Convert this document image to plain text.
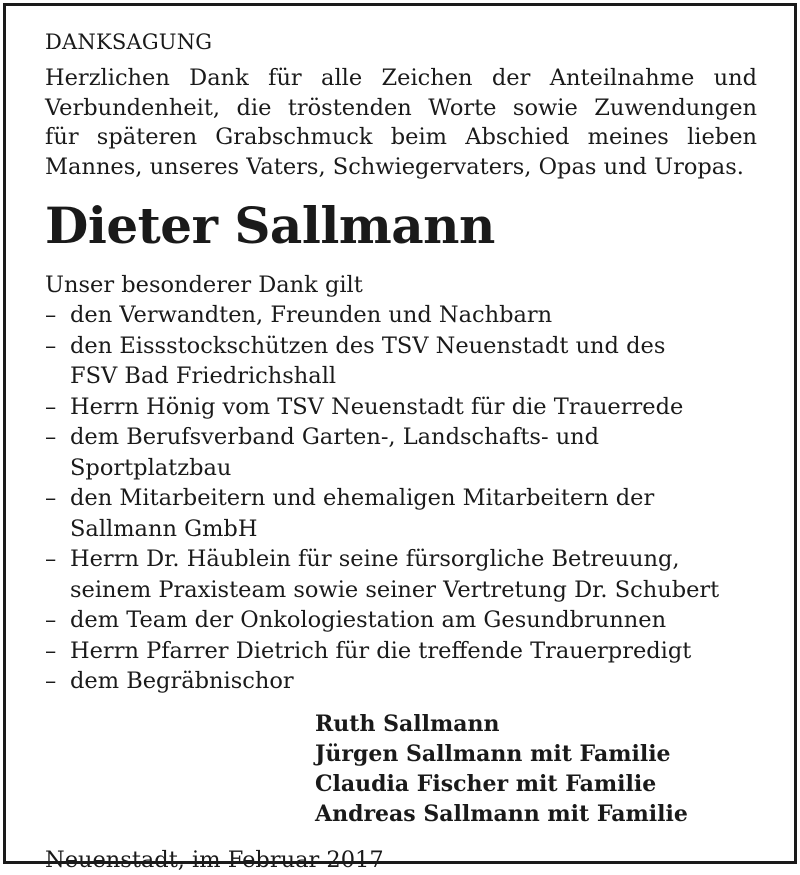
DANKSAGUNG

Herzlichen Dank für alle Zeichen der Anteilnahme und
Verbundenheit, die tröstenden Worte sowie Zuwendungen
für späteren Grabschmuck beim Abschied meines lieben

Mannes, unseres Vaters, Schwiegervaters, Opas und Uropas.

Dieter Sallmann
Unser besonderer Dank gilt
– den Verwandten, Freunden und Nachbarn
– den Eissstockschützen des TSV Neuenstadt und des
FSV Bad Friedrichshall
– Herrn Hönig vom TSV Neuenstadt für die Trauerrede
– dem Berufsverband Garten-, Landschafts- und
Sportplatzbau
– den Mitarbeitern und ehemaligen Mitarbeitern der
Sallmann GmbH
– Herrn Dr. Häublein für seine fürsorgliche Betreuung,
seinem Praxisteam sowie seiner Vertretung Dr. Schubert
– dem Team der Onkologiestation am Gesundbrunnen
– Herrn Pfarrer Dietrich für die treffende Trauerpredigt
– dem Begräbnischor
Ruth Sallmann
Jürgen Sallmann mit Familie
Claudia Fischer mit Familie
Andreas Sallmann mit Familie
Neuenstadt, im Februar 2017
